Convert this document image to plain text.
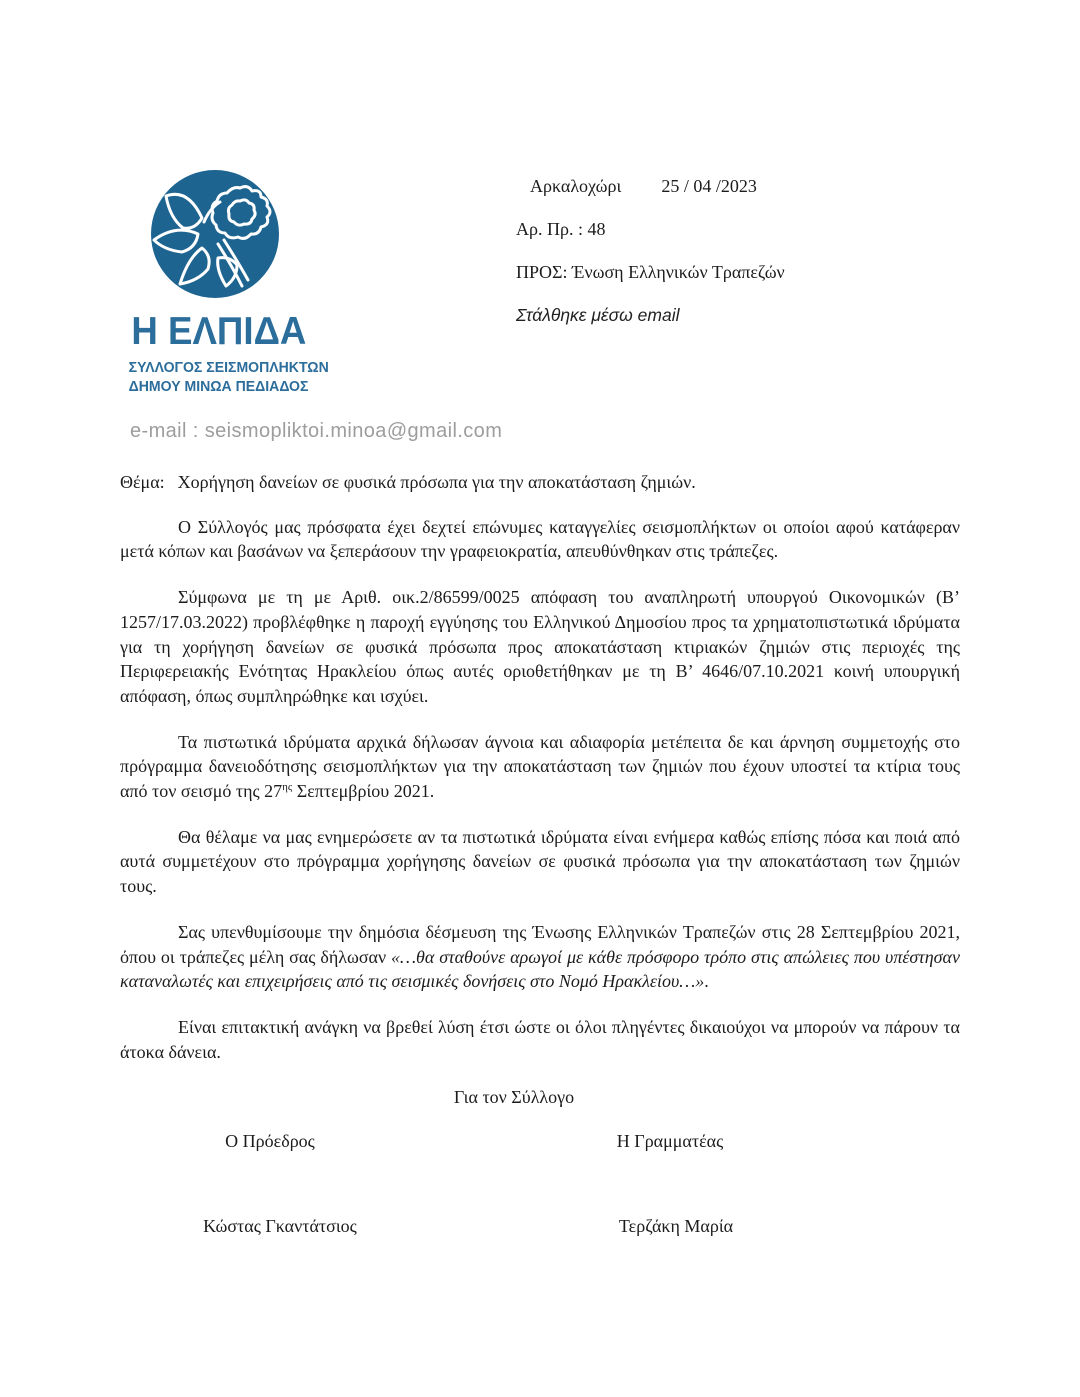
Η ΕΛΠΙΔΑ
ΣΥΛΛΟΓΟΣ ΣΕΙΣΜΟΠΛΗΚΤΩΝ
ΔΗΜΟΥ ΜΙΝΩΑ ΠΕΔΙΑΔΟΣ
Αρκαλοχώρι 25 / 04 /2023
Αρ. Πρ. : 48
ΠΡΟΣ: Ένωση Ελληνικών Τραπεζών
Στάλθηκε μέσω email
e-mail : seismopliktoi.minoa@gmail.com

Θέμα: Χορήγηση δανείων σε φυσικά πρόσωπα για την αποκατάσταση ζημιών.

Ο Σύλλογός μας πρόσφατα έχει δεχτεί επώνυμες καταγγελίες σεισμοπλήκτων οι οποίοι αφού κατάφεραν μετά κόπων και βασάνων να ξεπεράσουν την γραφειοκρατία, απευθύνθηκαν στις τράπεζες.

Σύμφωνα με τη με Αριθ. οικ.2/86599/0025 απόφαση του αναπληρωτή υπουργού Οικονομικών (Β’ 1257/17.03.2022) προβλέφθηκε η παροχή εγγύησης του Ελληνικού Δημοσίου προς τα χρηματοπιστωτικά ιδρύματα για τη χορήγηση δανείων σε φυσικά πρόσωπα προς αποκατάσταση κτιριακών ζημιών στις περιοχές της Περιφερειακής Ενότητας Ηρακλείου όπως αυτές οριοθετήθηκαν με τη Β’ 4646/07.10.2021 κοινή υπουργική απόφαση, όπως συμπληρώθηκε και ισχύει.

Τα πιστωτικά ιδρύματα αρχικά δήλωσαν άγνοια και αδιαφορία μετέπειτα δε και άρνηση συμμετοχής στο πρόγραμμα δανειοδότησης σεισμοπλήκτων για την αποκατάσταση των ζημιών που έχουν υποστεί τα κτίρια τους από τον σεισμό της $27^{\eta\varsigma}$ Σεπτεμβρίου 2021.

Θα θέλαμε να μας ενημερώσετε αν τα πιστωτικά ιδρύματα είναι ενήμερα καθώς επίσης πόσα και ποιά από αυτά συμμετέχουν στο πρόγραμμα χορήγησης δανείων σε φυσικά πρόσωπα για την αποκατάσταση των ζημιών τους.

Σας υπενθυμίσουμε την δημόσια δέσμευση της Ένωσης Ελληνικών Τραπεζών στις 28 Σεπτεμβρίου 2021, όπου οι τράπεζες μέλη σας δήλωσαν «…θα σταθούνε αρωγοί με κάθε πρόσφορο τρόπο στις απώλειες που υπέστησαν καταναλωτές και επιχειρήσεις από τις σεισμικές δονήσεις στο Νομό Ηρακλείου…».

Είναι επιτακτική ανάγκη να βρεθεί λύση έτσι ώστε οι όλοι πληγέντες δικαιούχοι να μπορούν να πάρουν τα άτοκα δάνεια.

Για τον Σύλλογο

Ο Πρόεδρος	Η Γραμματέας
Κώστας Γκαντάτσιος	Τερζάκη Μαρία
